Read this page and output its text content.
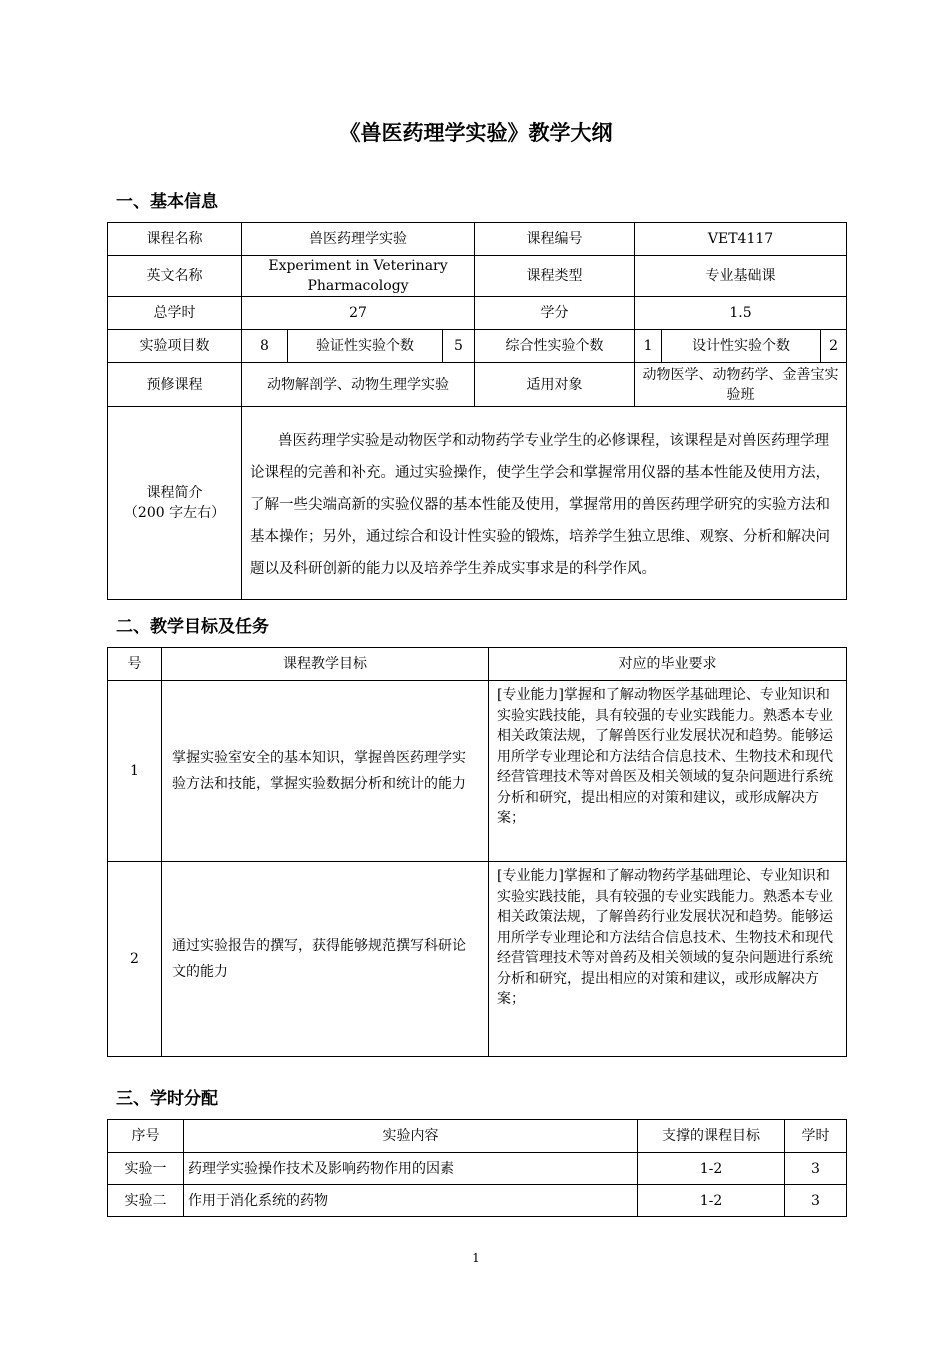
《兽医药理学实验》教学大纲
一、基本信息
课程名称	兽医药理学实验			课程编号	VET4117		
英文名称	Experiment in Veterinary Pharmacology			课程类型	专业基础课		
总学时	27			学分	1.5		
实验项目数	8	验证性实验个数	5	综合性实验个数	1	设计性实验个数	2
预修课程	动物解剖学、动物生理学实验			适用对象	动物医学、动物药学、金善宝实验班		

课程简介
（200 字左右）	兽医药理学实验是动物医学和动物药学专业学生的必修课程，该课程是对兽医药理学理论课程的完善和补充。通过实验操作，使学生学会和掌握常用仪器的基本性能及使用方法，了解一些尖端高新的实验仪器的基本性能及使用，掌握常用的兽医药理学研究的实验方法和基本操作；另外，通过综合和设计性实验的锻炼，培养学生独立思维、观察、分析和解决问题以及科研创新的能力以及培养学生养成实事求是的科学作风。						
二、教学目标及任务
号	课程教学目标	对应的毕业要求
1	掌握实验室安全的基本知识，掌握兽医药理学实验方法和技能，掌握实验数据分析和统计的能力	[专业能力]掌握和了解动物医学基础理论、专业知识和实验实践技能，具有较强的专业实践能力。熟悉本专业相关政策法规，了解兽医行业发展状况和趋势。能够运用所学专业理论和方法结合信息技术、生物技术和现代经营管理技术等对兽医及相关领域的复杂问题进行系统分析和研究，提出相应的对策和建议，或形成解决方案；
2	通过实验报告的撰写，获得能够规范撰写科研论文的能力	[专业能力]掌握和了解动物药学基础理论、专业知识和实验实践技能，具有较强的专业实践能力。熟悉本专业相关政策法规，了解兽药行业发展状况和趋势。能够运用所学专业理论和方法结合信息技术、生物技术和现代经营管理技术等对兽药及相关领域的复杂问题进行系统分析和研究，提出相应的对策和建议，或形成解决方案；
三、学时分配
序号	实验内容	支撑的课程目标	学时
实验一	药理学实验操作技术及影响药物作用的因素	1-2	3
实验二	作用于消化系统的药物	1-2	3
1
